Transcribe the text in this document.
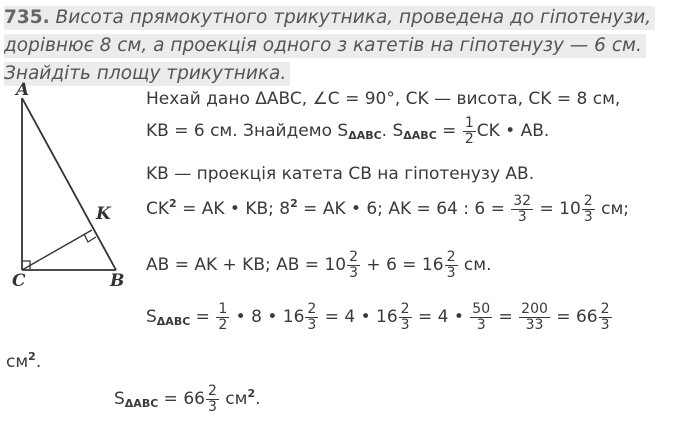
735. Висота прямокутного трикутника, проведена до гіпотенузи,
дорівнює 8 см, а проекція одного з катетів на гіпотенузу — 6 см.
Знайдіть площу трикутника.
A
C	B
K
Нехай дано ΔABC, ∠C = 90°, CK — висота, CK = 8 см,
KB = 6 см. Знайдемо $S_{\Delta ABC}$. $S_{\Delta ABC} = \frac{1}{2}$ CK • AB.
KB — проекція катета CB на гіпотенузу AB.
$CK^2$ = AK • KB; $8^2$ = AK • 6; AK = 64 : $6 = \frac{32}{3} = 10 \frac{2}{3}$ см;
AB = AK + KB; AB = $10 \frac{2}{3} + 6 = 16 \frac{2}{3}$ см.
$S_{\Delta ABC} = \frac{1}{2}$ • 8 • $16 \frac{2}{3} = 4$ • $16 \frac{2}{3} = 4$ • $\frac{50}{3} = \frac{200}{33} = 66 \frac{2}{3}$
$см^2$.
$S_{\Delta ABC} = 66 \frac{2}{3} см^2$.
